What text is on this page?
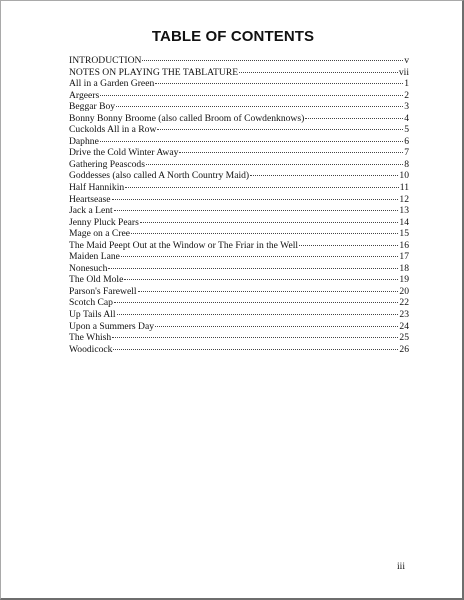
TABLE OF CONTENTS
INTRODUCTION	v
NOTES ON PLAYING THE TABLATURE	vii
All in a Garden Green	1
Argeers	2
Beggar Boy	3
Bonny Bonny Broome (also called Broom of Cowdenknows)	4
Cuckolds All in a Row	5
Daphne	6
Drive the Cold Winter Away	7
Gathering Peascods	8
Goddesses (also called A North Country Maid)	10
Half Hannikin	11
Heartsease	12
Jack a Lent	13
Jenny Pluck Pears	14
Mage on a Cree	15
The Maid Peept Out at the Window or The Friar in the Well	16
Maiden Lane	17
Nonesuch	18
The Old Mole	19
Parson's Farewell	20
Scotch Cap	22
Up Tails All	23
Upon a Summers Day	24
The Whish	25
Woodicock	26
iii
